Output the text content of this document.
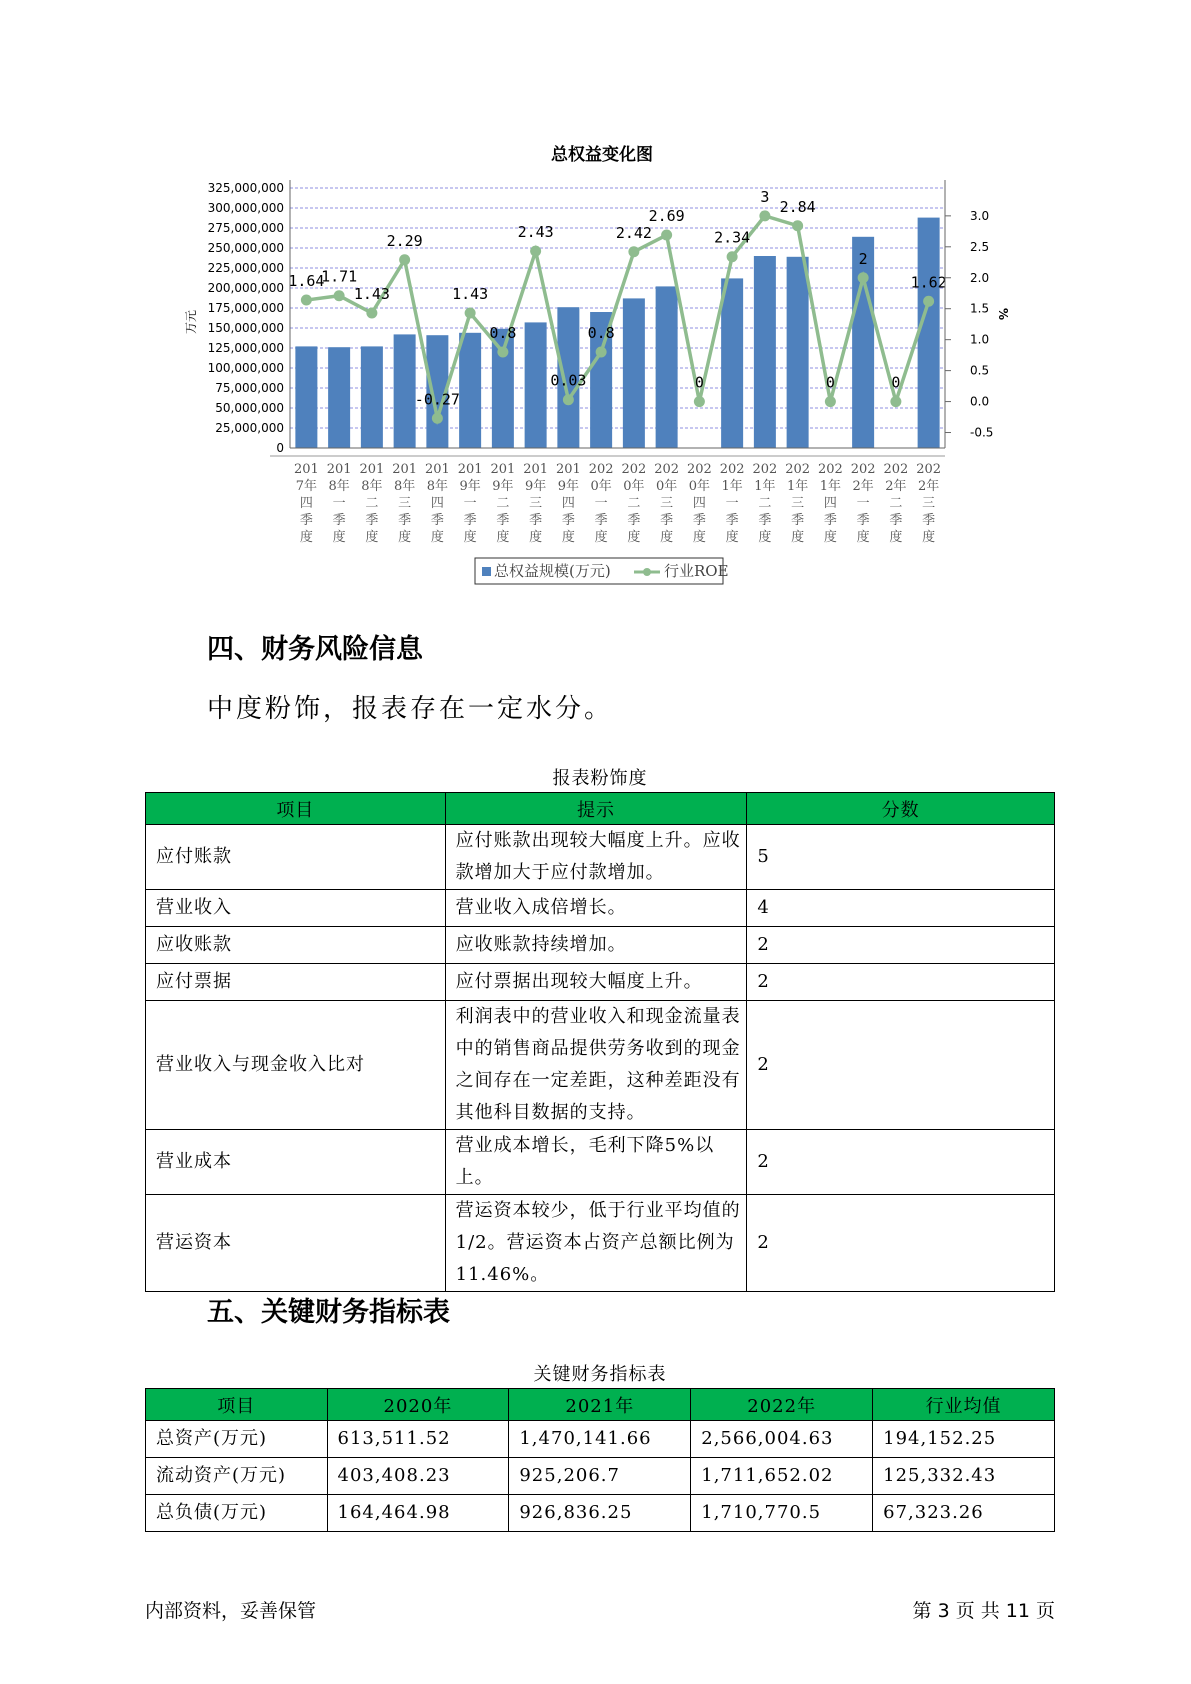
总权益变化图
万元	%
325,000,000
300,000,000
275,000,000
250,000,000
225,000,000
200,000,000
175,000,000
150,000,000
125,000,000
100,000,000
75,000,000
50,000,000
25,000,000
0
3.0
2.5
2.0
1.5
1.0
0.5
0.0
-0.5
1.64
1.71
1.43
2.29
-0.27
1.43
0.8
2.43
0.03
0.8
2.42
2.69
0
2.34
3
2.84
0
2
0
1.62
201
7年
四
季
度
201
8年
一
季
度
201
8年
二
季
度
201
8年
三
季
度
201
8年
四
季
度
201
9年
一
季
度
201
9年
二
季
度
201
9年
三
季
度
201
9年
四
季
度
202
0年
一
季
度
202
0年
二
季
度
202
0年
三
季
度
202
0年
四
季
度
202
1年
一
季
度
202
1年
二
季
度
202
1年
三
季
度
202
1年
四
季
度
202
2年
一
季
度
202
2年
二
季
度
202
2年
三
季
度
总权益规模(万元)	行业ROE
四、财务风险信息
中度粉饰，报表存在一定水分。
报表粉饰度
项目	提示	分数
应付账款	应付账款出现较大幅度上升。应收款增加大于应付款增加。	5
营业收入	营业收入成倍增长。	4
应收账款	应收账款持续增加。	2
应付票据	应付票据出现较大幅度上升。	2
营业收入与现金收入比对	利润表中的营业收入和现金流量表中的销售商品提供劳务收到的现金之间存在一定差距，这种差距没有其他科目数据的支持。	2
营业成本	营业成本增长，毛利下降5%以上。	2
营运资本	营运资本较少，低于行业平均值的1/2。营运资本占资产总额比例为11.46%。	2
五、关键财务指标表
关键财务指标表
项目	2020年	2021年	2022年	行业均值
总资产(万元)	613,511.52	1,470,141.66	2,566,004.63	194,152.25
流动资产(万元)	403,408.23	925,206.7	1,711,652.02	125,332.43
总负债(万元)	164,464.98	926,836.25	1,710,770.5	67,323.26
内部资料，妥善保管	第 3 页 共 11 页
